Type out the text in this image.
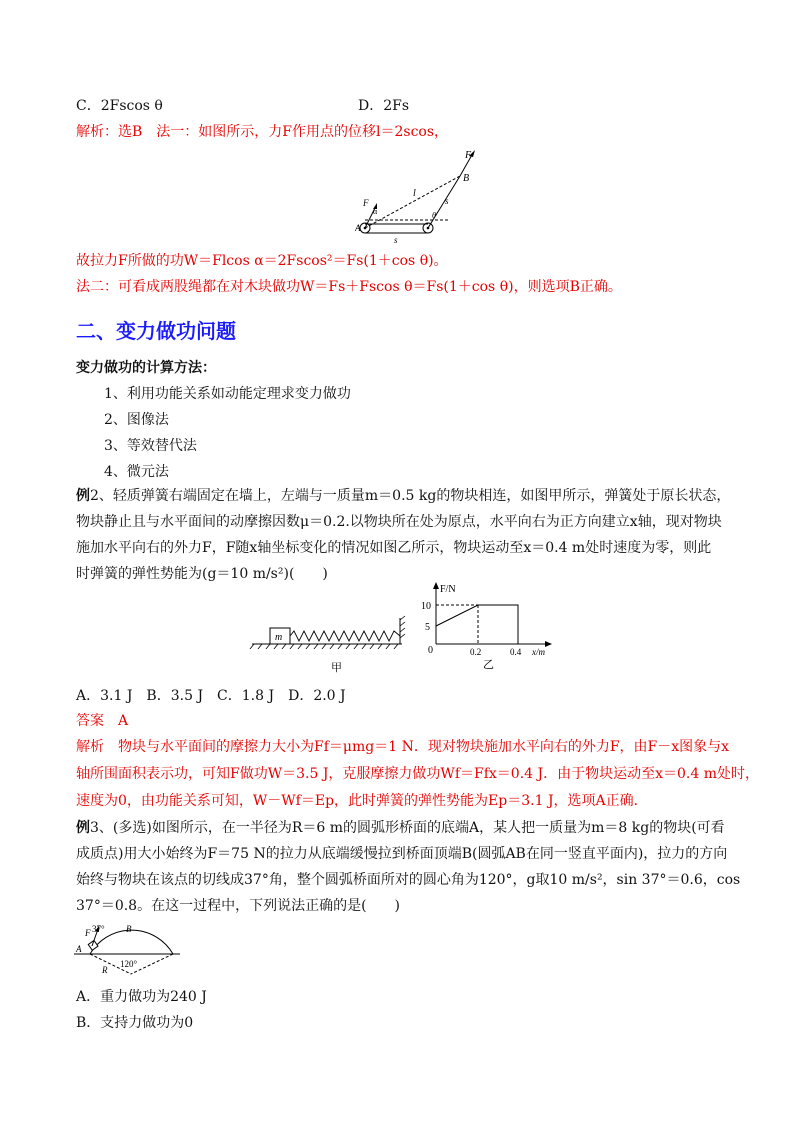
C．2Fscos θ	D．2Fs
解析：选B　法一：如图所示，力F作用点的位移l＝2scos，
F
B
l
s
F
α	θ
A
s
故拉力F所做的功W＝Flcos α＝2Fscos²＝Fs(1＋cos θ)。
法二：可看成两股绳都在对木块做功W＝Fs＋Fscos θ＝Fs(1＋cos θ)，则选项B正确。
二、变力做功问题
变力做功的计算方法：
1、利用功能关系如动能定理求变力做功
2、图像法
3、等效替代法
4、微元法
例2、轻质弹簧右端固定在墙上，左端与一质量m＝0.5 kg的物块相连，如图甲所示，弹簧处于原长状态，
物块静止且与水平面间的动摩擦因数μ＝0.2.以物块所在处为原点，水平向右为正方向建立x轴，现对物块
施加水平向右的外力F，F随x轴坐标变化的情况如图乙所示，物块运动至x＝0.4 m处时速度为零，则此
时弹簧的弹性势能为(g＝10 m/s²)(　　)
m
甲
F/N
10
5
0	0.2	0.4 x/m
乙
A．3.1 J　B．3.5 J　C．1.8 J　D．2.0 J
答案　A
解析　物块与水平面间的摩擦力大小为Ff＝μmg＝1 N．现对物块施加水平向右的外力F，由F－x图象与x
轴所围面积表示功，可知F做功W＝3.5 J，克服摩擦力做功Wf＝Ffx＝0.4 J．由于物块运动至x＝0.4 m处时，
速度为0，由功能关系可知，W－Wf＝Ep，此时弹簧的弹性势能为Ep＝3.1 J，选项A正确．
例3、(多选)如图所示，在一半径为R＝6 m的圆弧形桥面的底端A，某人把一质量为m＝8 kg的物块(可看
成质点)用大小始终为F＝75 N的拉力从底端缓慢拉到桥面顶端B(圆弧AB在同一竖直平面内)，拉力的方向
始终与物块在该点的切线成37°角，整个圆弧桥面所对的圆心角为120°，g取10 m/s²，sin 37°＝0.6，cos
37°＝0.8。在这一过程中，下列说法正确的是(　　)
F 37°
A
B
R
120°
A．重力做功为240 J
B．支持力做功为0
